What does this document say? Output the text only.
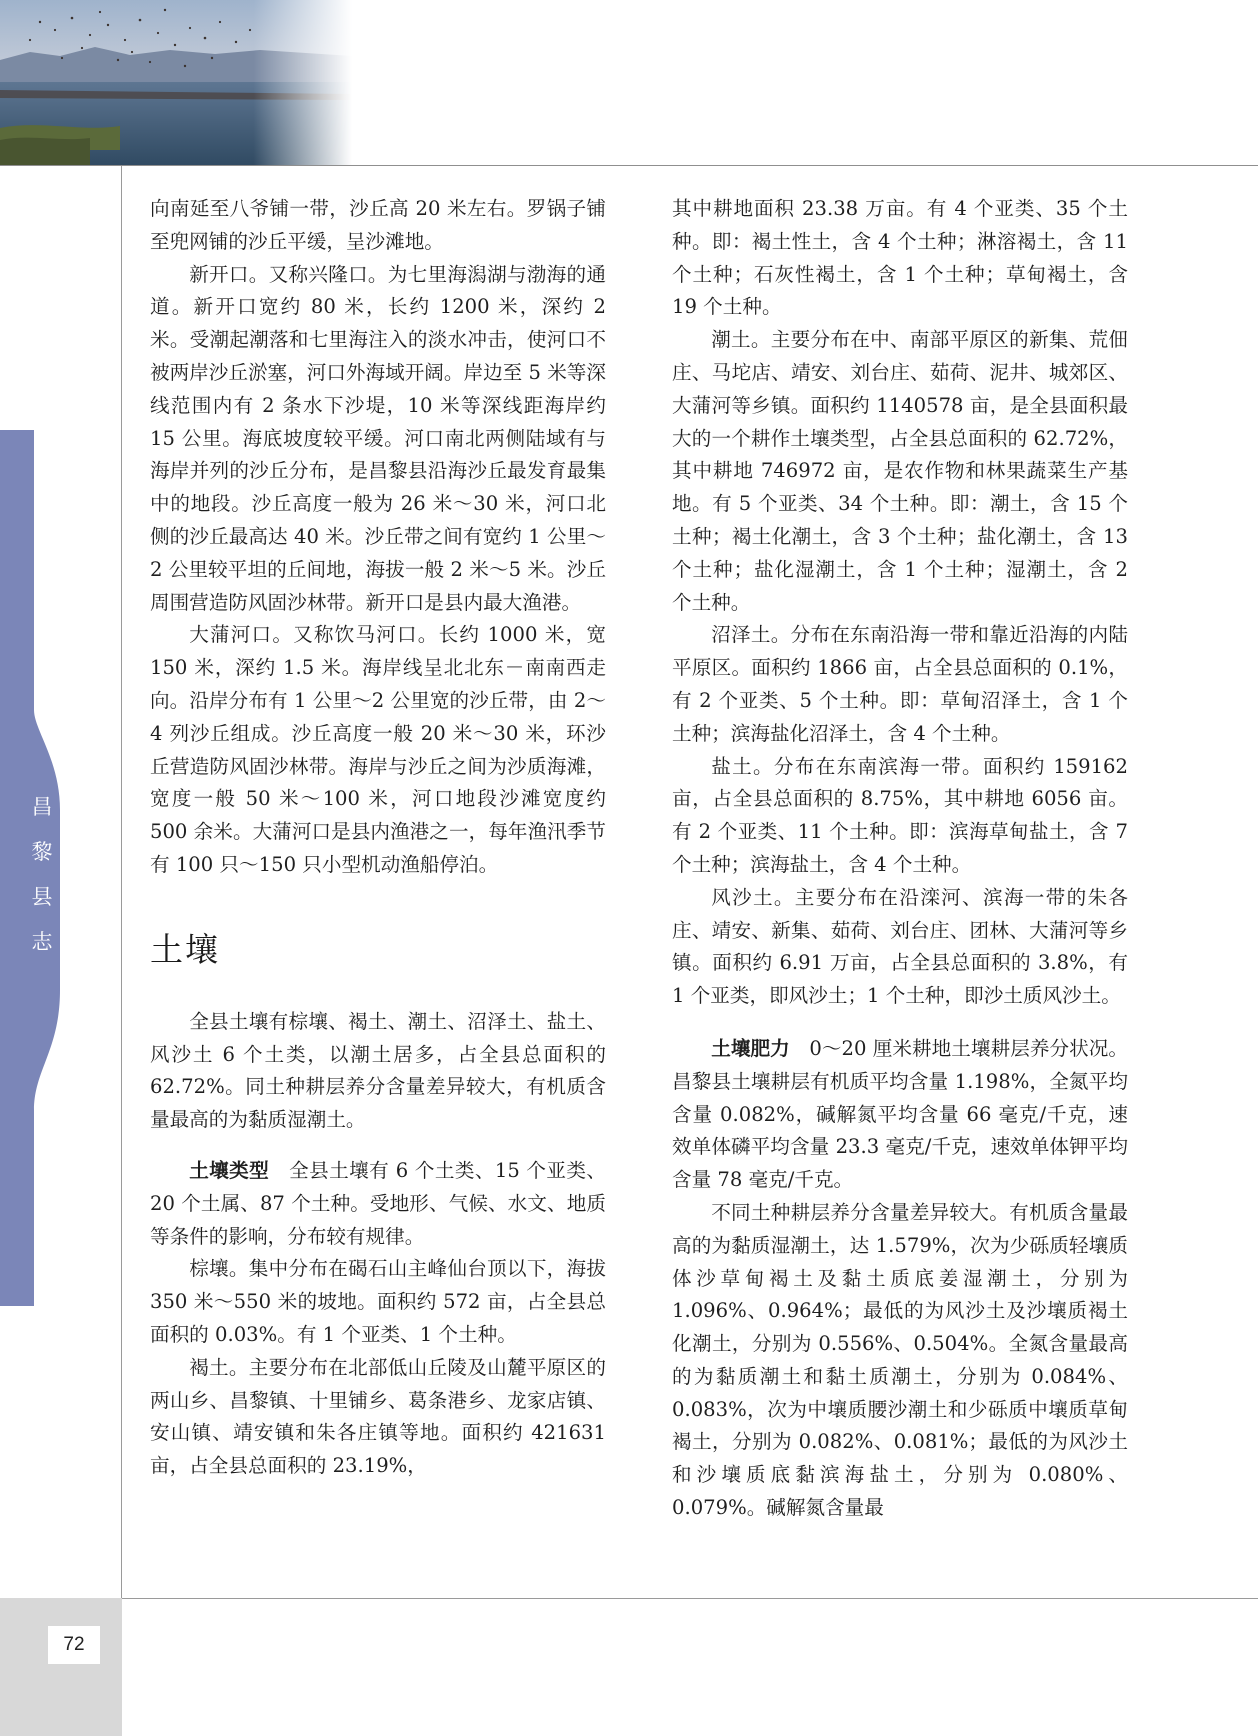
昌
黎
县
志
72

向南延至八爷铺一带，沙丘高 20 米左右。罗锅子铺至兜网铺的沙丘平缓，呈沙滩地。

新开口。又称兴隆口。为七里海潟湖与渤海的通道。新开口宽约 80 米，长约 1200 米，深约 2 米。受潮起潮落和七里海注入的淡水冲击，使河口不被两岸沙丘淤塞，河口外海域开阔。岸边至 5 米等深线范围内有 2 条水下沙堤，10 米等深线距海岸约 15 公里。海底坡度较平缓。河口南北两侧陆域有与海岸并列的沙丘分布，是昌黎县沿海沙丘最发育最集中的地段。沙丘高度一般为 26 米～30 米，河口北侧的沙丘最高达 40 米。沙丘带之间有宽约 1 公里～2 公里较平坦的丘间地，海拔一般 2 米～5 米。沙丘周围营造防风固沙林带。新开口是县内最大渔港。

大蒲河口。又称饮马河口。长约 1000 米，宽 150 米，深约 1.5 米。海岸线呈北北东－南南西走向。沿岸分布有 1 公里～2 公里宽的沙丘带，由 2～4 列沙丘组成。沙丘高度一般 20 米～30 米，环沙丘营造防风固沙林带。海岸与沙丘之间为沙质海滩，宽度一般 50 米～100 米，河口地段沙滩宽度约 500 余米。大蒲河口是县内渔港之一，每年渔汛季节有 100 只～150 只小型机动渔船停泊。

土壤

全县土壤有棕壤、褐土、潮土、沼泽土、盐土、风沙土 6 个土类，以潮土居多，占全县总面积的 62.72%。同土种耕层养分含量差异较大，有机质含量最高的为黏质湿潮土。

土壤类型　全县土壤有 6 个土类、15 个亚类、20 个土属、87 个土种。受地形、气候、水文、地质等条件的影响，分布较有规律。

棕壤。集中分布在碣石山主峰仙台顶以下，海拔 350 米～550 米的坡地。面积约 572 亩，占全县总面积的 0.03%。有 1 个亚类、1 个土种。

褐土。主要分布在北部低山丘陵及山麓平原区的两山乡、昌黎镇、十里铺乡、葛条港乡、龙家店镇、安山镇、靖安镇和朱各庄镇等地。面积约 421631 亩，占全县总面积的 23.19%，

其中耕地面积 23.38 万亩。有 4 个亚类、35 个土种。即：褐土性土，含 4 个土种；淋溶褐土，含 11 个土种；石灰性褐土，含 1 个土种；草甸褐土，含 19 个土种。

潮土。主要分布在中、南部平原区的新集、荒佃庄、马坨店、靖安、刘台庄、茹荷、泥井、城郊区、大蒲河等乡镇。面积约 1140578 亩，是全县面积最大的一个耕作土壤类型，占全县总面积的 62.72%，其中耕地 746972 亩，是农作物和林果蔬菜生产基地。有 5 个亚类、34 个土种。即：潮土，含 15 个土种；褐土化潮土，含 3 个土种；盐化潮土，含 13 个土种；盐化湿潮土，含 1 个土种；湿潮土，含 2 个土种。

沼泽土。分布在东南沿海一带和靠近沿海的内陆平原区。面积约 1866 亩，占全县总面积的 0.1%，有 2 个亚类、5 个土种。即：草甸沼泽土，含 1 个土种；滨海盐化沼泽土，含 4 个土种。

盐土。分布在东南滨海一带。面积约 159162 亩，占全县总面积的 8.75%，其中耕地 6056 亩。有 2 个亚类、11 个土种。即：滨海草甸盐土，含 7 个土种；滨海盐土，含 4 个土种。

风沙土。主要分布在沿滦河、滨海一带的朱各庄、靖安、新集、茹荷、刘台庄、团林、大蒲河等乡镇。面积约 6.91 万亩，占全县总面积的 3.8%，有 1 个亚类，即风沙土；1 个土种，即沙土质风沙土。

土壤肥力　0～20 厘米耕地土壤耕层养分状况。昌黎县土壤耕层有机质平均含量 1.198%，全氮平均含量 0.082%，碱解氮平均含量 66 毫克/千克，速效单体磷平均含量 23.3 毫克/千克，速效单体钾平均含量 78 毫克/千克。

不同土种耕层养分含量差异较大。有机质含量最高的为黏质湿潮土，达 1.579%，次为少砾质轻壤质体沙草甸褐土及黏土质底姜湿潮土，分别为 1.096%、0.964%；最低的为风沙土及沙壤质褐土化潮土，分别为 0.556%、0.504%。全氮含量最高的为黏质潮土和黏土质潮土，分别为 0.084%、0.083%，次为中壤质腰沙潮土和少砾质中壤质草甸褐土，分别为 0.082%、0.081%；最低的为风沙土和沙壤质底黏滨海盐土，分别为 0.080%、0.079%。碱解氮含量最
